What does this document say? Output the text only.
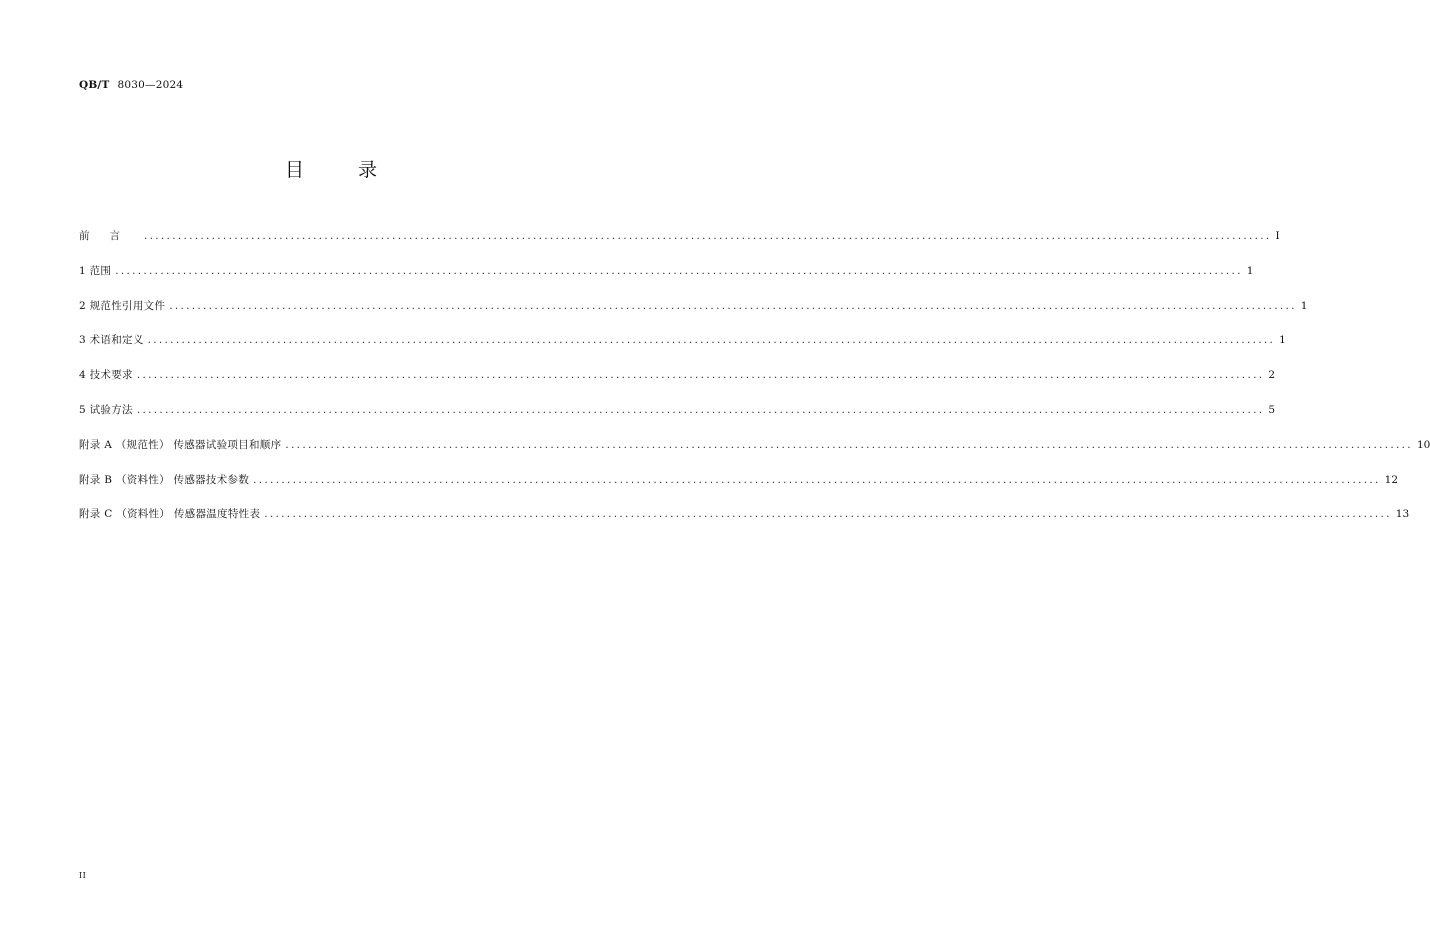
QB/T 8030—2024
目 录
前言 ........................................................................................................................................................................................................ I
1 范围 ........................................................................................................................................................................................................ 1
2 规范性引用文件 ........................................................................................................................................................................................................ 1
3 术语和定义 ........................................................................................................................................................................................................ 1
4 技术要求 ........................................................................................................................................................................................................ 2
5 试验方法 ........................................................................................................................................................................................................ 5
附录 A （规范性） 传感器试验项目和顺序 ........................................................................................................................................................................................................ 10
附录 B （资料性） 传感器技术参数 ........................................................................................................................................................................................................ 12
附录 C （资料性） 传感器温度特性表 ........................................................................................................................................................................................................ 13
II
